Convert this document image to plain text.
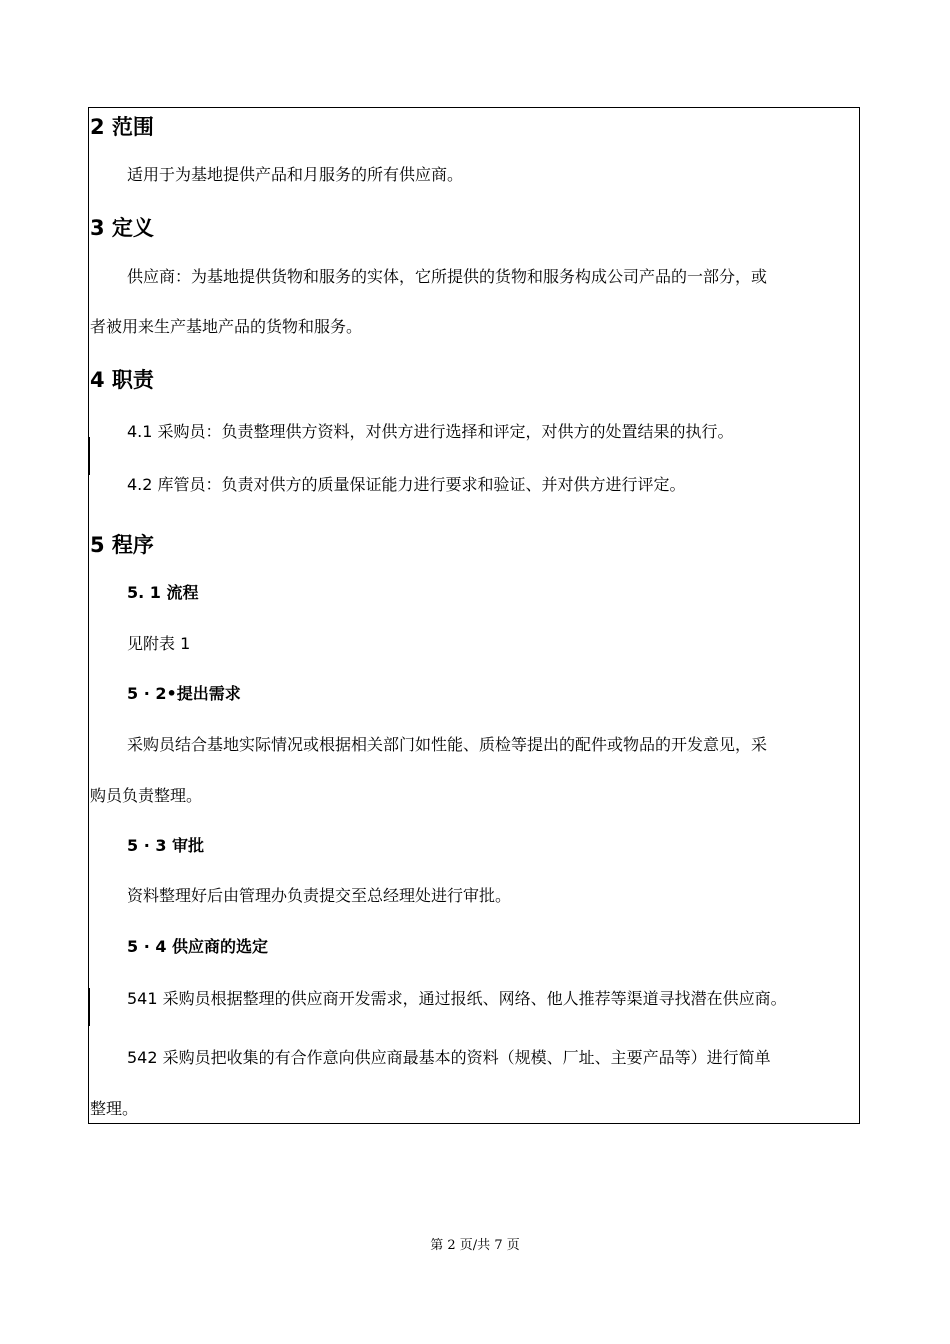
2 范围
适用于为基地提供产品和月服务的所有供应商。
3 定义
供应商：为基地提供货物和服务的实体，它所提供的货物和服务构成公司产品的一部分，或
者被用来生产基地产品的货物和服务。
4 职责
4.1 采购员：负责整理供方资料，对供方进行选择和评定，对供方的处置结果的执行。
4.2 库管员：负责对供方的质量保证能力进行要求和验证、并对供方进行评定。
5 程序
5. 1 流程
见附表 1
5 · 2•提出需求
采购员结合基地实际情况或根据相关部门如性能、质检等提出的配件或物品的开发意见，采
购员负责整理。
5 · 3 审批
资料整理好后由管理办负责提交至总经理处进行审批。
5 · 4 供应商的选定
541 采购员根据整理的供应商开发需求，通过报纸、网络、他人推荐等渠道寻找潜在供应商。
542 采购员把收集的有合作意向供应商最基本的资料（规模、厂址、主要产品等）进行简单
整理。
第 2 页/共 7 页
